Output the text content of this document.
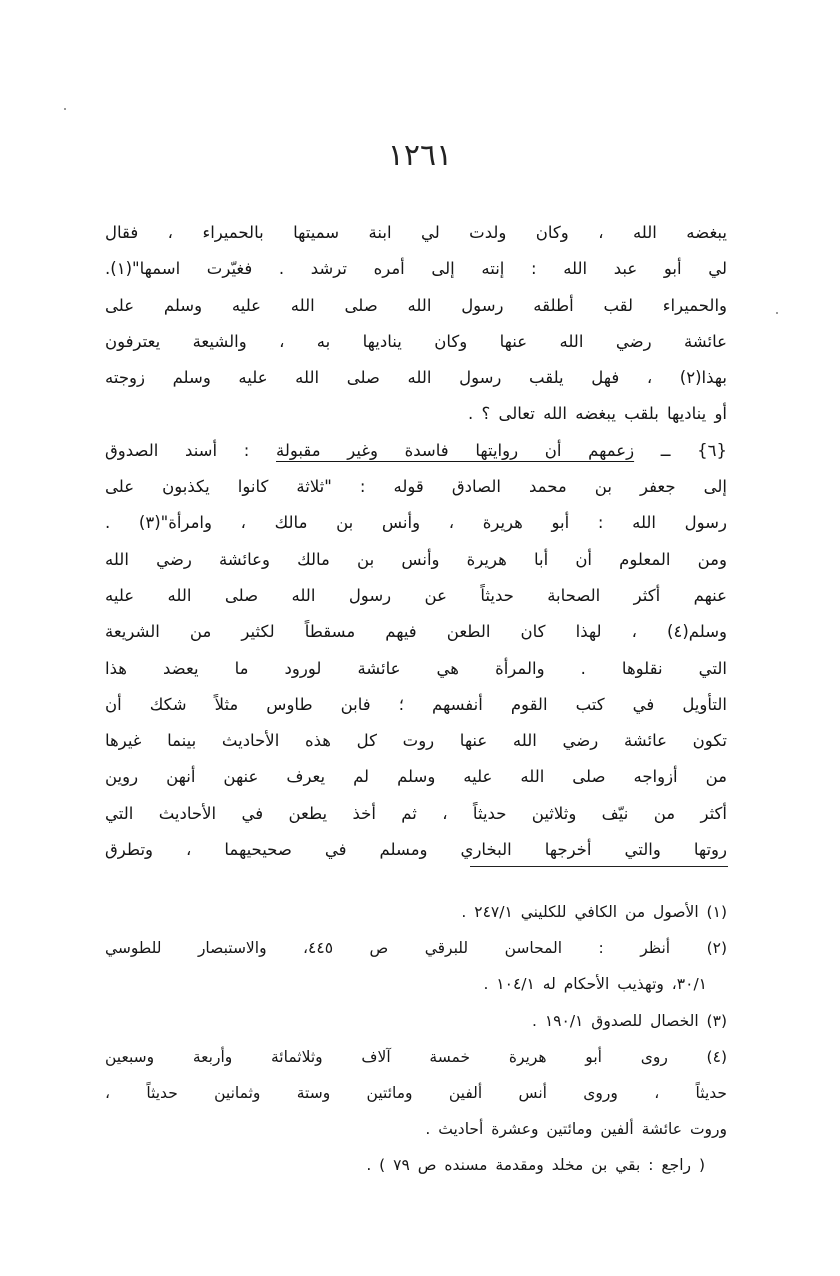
١٢٦١
يبغضه الله ، وكان ولدت لي ابنة سميتها بالحميراء ، فقال
لي أبو عبد الله : إنته إلى أمره ترشد . فغيّرت اسمها"(١).
والحميراء لقب أطلقه رسول الله صلى الله عليه وسلم على
عائشة رضي الله عنها وكان يناديها به ، والشيعة يعترفون
بهذا(٢) ، فهل يلقب رسول الله صلى الله عليه وسلم زوجته
أو يناديها بلقب يبغضه الله تعالى ؟ .
{٦} ــ زعمهم أن روايتها فاسدة وغير مقبولة : أسند الصدوق
إلى جعفر بن محمد الصادق قوله : "ثلاثة كانوا يكذبون على
رسول الله : أبو هريرة ، وأنس بن مالك ، وامرأة"(٣) .
ومن المعلوم أن أبا هريرة وأنس بن مالك وعائشة رضي الله
عنهم أكثر الصحابة حديثاً عن رسول الله صلى الله عليه
وسلم(٤) ، لهذا كان الطعن فيهم مسقطاً لكثير من الشريعة
التي نقلوها . والمرأة هي عائشة لورود ما يعضد هذا
التأويل في كتب القوم أنفسهم ؛ فابن طاوس مثلاً شكك أن
تكون عائشة رضي الله عنها روت كل هذه الأحاديث بينما غيرها
من أزواجه صلى الله عليه وسلم لم يعرف عنهن أنهن روين
أكثر من نيّف وثلاثين حديثاً ، ثم أخذ يطعن في الأحاديث التي
روتها والتي أخرجها البخاري ومسلم في صحيحيهما ، وتطرق
(١) الأصول من الكافي للكليني ٢٤٧/١ .
(٢) أنظر : المحاسن للبرقي ص ٤٤٥، والاستبصار للطوسي
٣٠/١، وتهذيب الأحكام له ١٠٤/١ .
(٣) الخصال للصدوق ١٩٠/١ .
(٤) روى أبو هريرة خمسة آلاف وثلاثمائة وأربعة وسبعين
حديثاً ، وروى أنس ألفين ومائتين وستة وثمانين حديثاً ،
وروت عائشة ألفين ومائتين وعشرة أحاديث .
( راجع : بقي بن مخلد ومقدمة مسنده ص ٧٩ ) .
